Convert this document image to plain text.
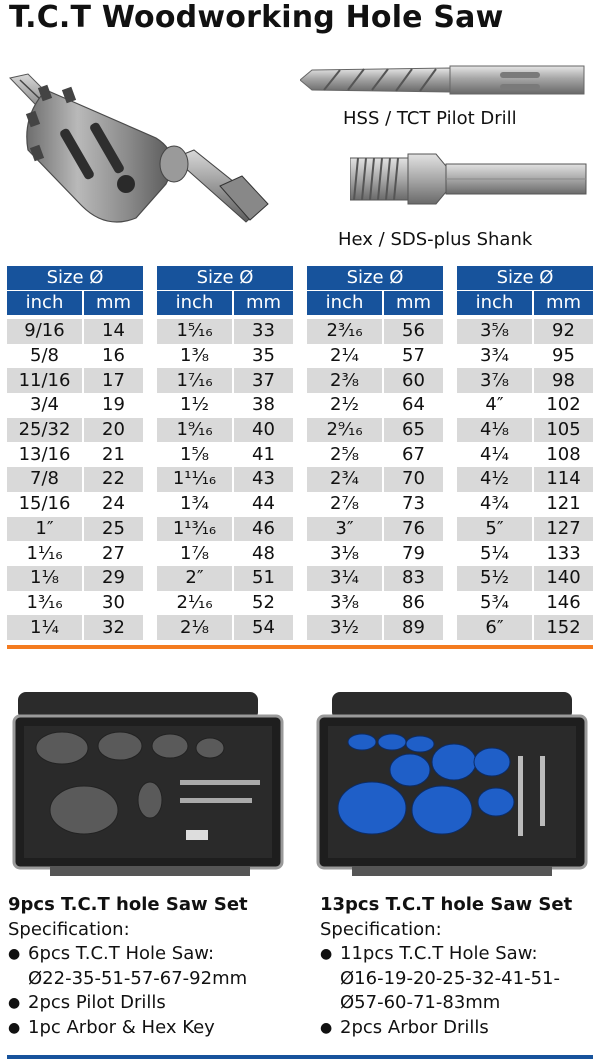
T.C.T Woodworking Hole Saw
HSS / TCT Pilot Drill
Hex / SDS-plus Shank
Size Ø	
inch	mm

9/16	14
5/8	16
11/16	17
3/4	19
25/32	20
13/16	21
7/8	22
15/16	24
1″	25
1¹⁄₁₆	27
1¹⁄₈	29
1³⁄₁₆	30
1¹⁄₄	32
Size Ø	
inch	mm

1⁵⁄₁₆	33
1³⁄₈	35
1⁷⁄₁₆	37
1¹⁄₂	38
1⁹⁄₁₆	40
1⁵⁄₈	41
1¹¹⁄₁₆	43
1³⁄₄	44
1¹³⁄₁₆	46
1⁷⁄₈	48
2″	51
2¹⁄₁₆	52
2¹⁄₈	54
Size Ø	
inch	mm

2³⁄₁₆	56
2¹⁄₄	57
2³⁄₈	60
2¹⁄₂	64
2⁹⁄₁₆	65
2⁵⁄₈	67
2³⁄₄	70
2⁷⁄₈	73
3″	76
3¹⁄₈	79
3¹⁄₄	83
3³⁄₈	86
3¹⁄₂	89
Size Ø	
inch	mm

3⁵⁄₈	92
3³⁄₄	95
3⁷⁄₈	98
4″	102
4¹⁄₈	105
4¹⁄₄	108
4¹⁄₂	114
4³⁄₄	121
5″	127
5¹⁄₄	133
5¹⁄₂	140
5³⁄₄	146
6″	152
9pcs T.C.T hole Saw Set
Specification:
● 6pcs T.C.T Hole Saw:
Ø22-35-51-57-67-92mm
● 2pcs Pilot Drills
● 1pc Arbor & Hex Key
13pcs T.C.T hole Saw Set
Specification:
● 11pcs T.C.T Hole Saw:
Ø16-19-20-25-32-41-51-
Ø57-60-71-83mm
● 2pcs Arbor Drills
